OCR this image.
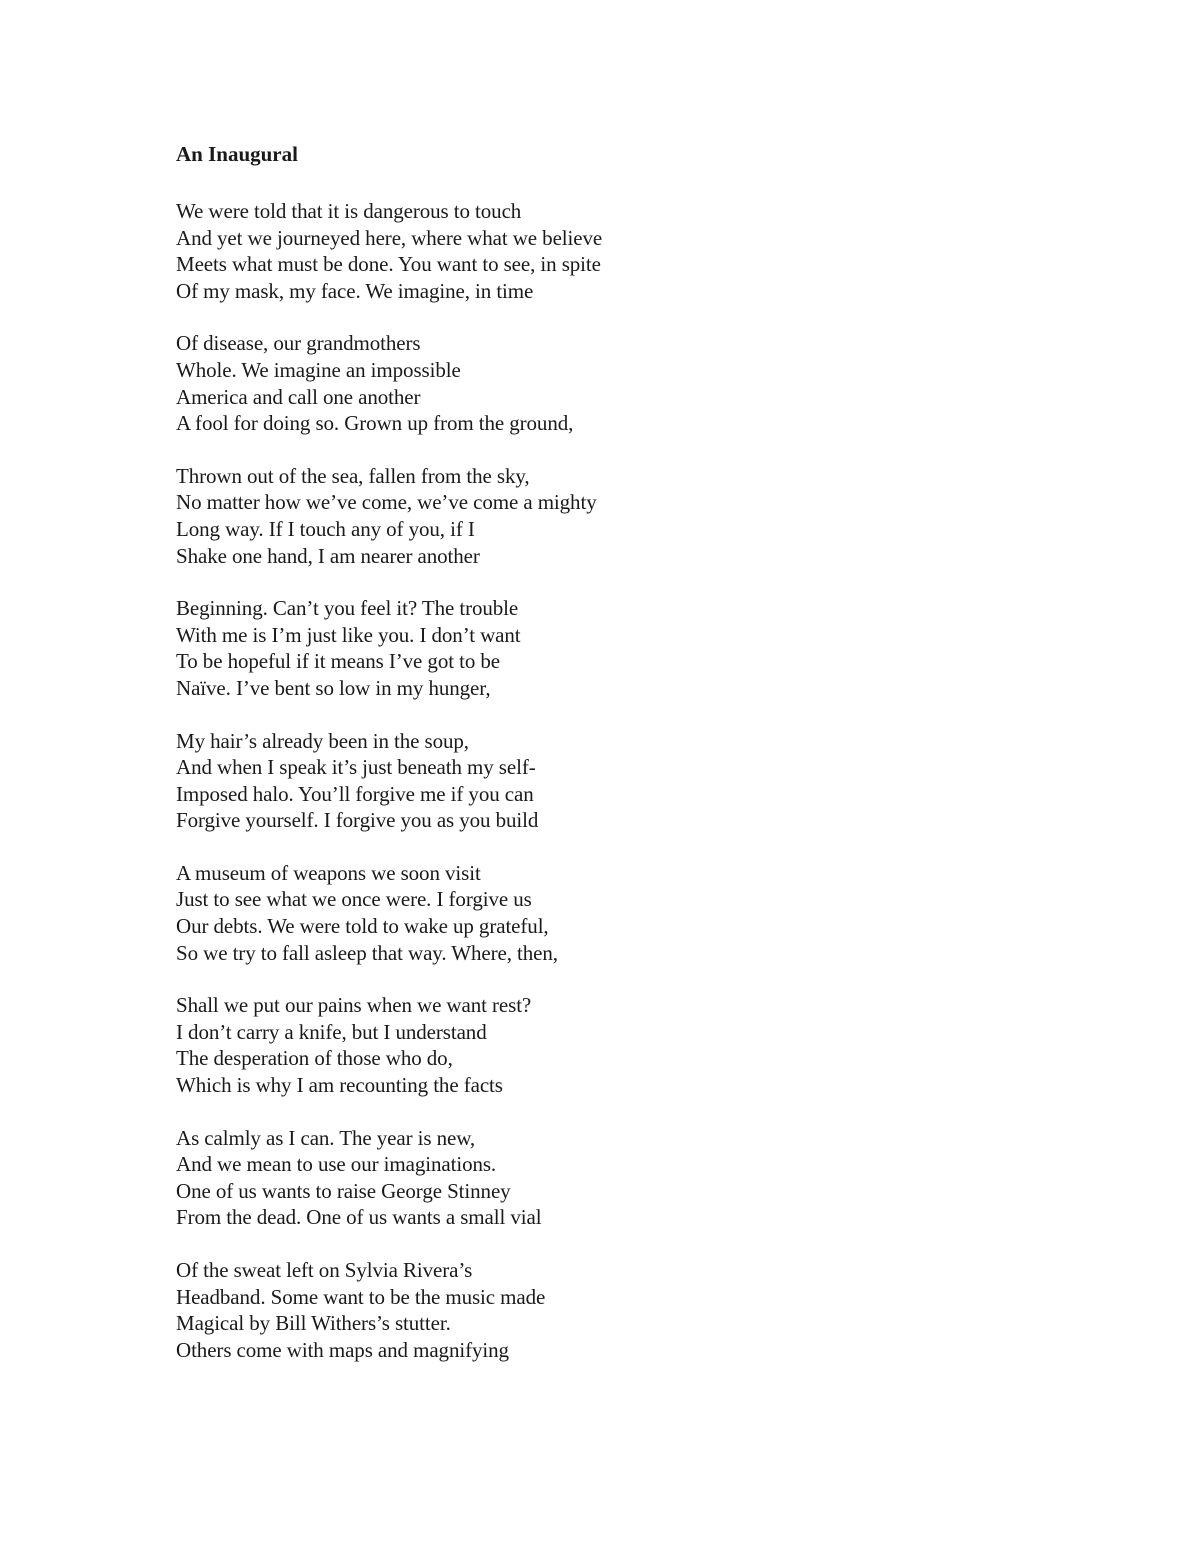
An Inaugural
We were told that it is dangerous to touch
And yet we journeyed here, where what we believe
Meets what must be done. You want to see, in spite
Of my mask, my face. We imagine, in time
Of disease, our grandmothers
Whole. We imagine an impossible
America and call one another
A fool for doing so. Grown up from the ground,
Thrown out of the sea, fallen from the sky,
No matter how we’ve come, we’ve come a mighty
Long way. If I touch any of you, if I
Shake one hand, I am nearer another
Beginning. Can’t you feel it? The trouble
With me is I’m just like you. I don’t want
To be hopeful if it means I’ve got to be
Naïve. I’ve bent so low in my hunger,
My hair’s already been in the soup,
And when I speak it’s just beneath my self-
Imposed halo. You’ll forgive me if you can
Forgive yourself. I forgive you as you build
A museum of weapons we soon visit
Just to see what we once were. I forgive us
Our debts. We were told to wake up grateful,
So we try to fall asleep that way. Where, then,
Shall we put our pains when we want rest?
I don’t carry a knife, but I understand
The desperation of those who do,
Which is why I am recounting the facts
As calmly as I can. The year is new,
And we mean to use our imaginations.
One of us wants to raise George Stinney
From the dead. One of us wants a small vial
Of the sweat left on Sylvia Rivera’s
Headband. Some want to be the music made
Magical by Bill Withers’s stutter.
Others come with maps and magnifying
